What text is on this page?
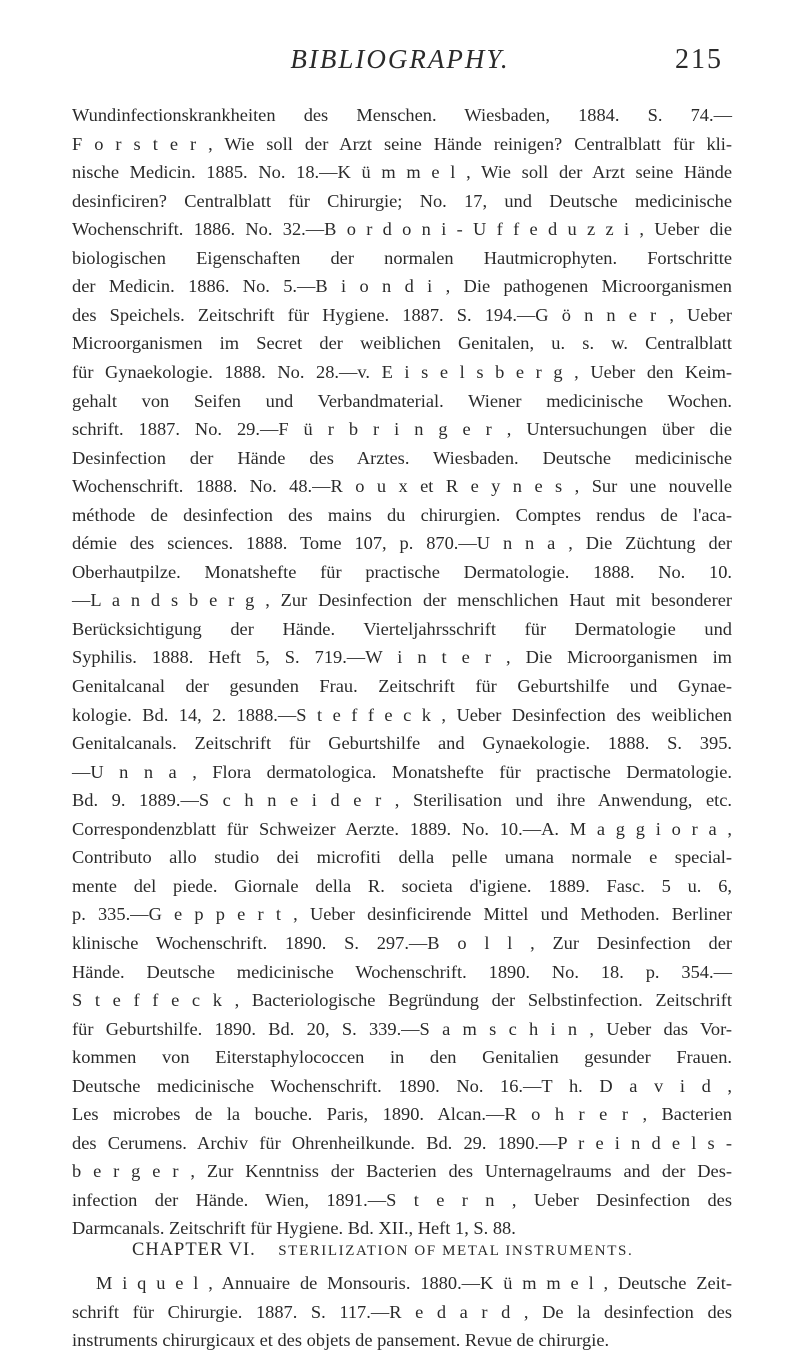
BIBLIOGRAPHY.	215
Wundinfectionskrankheiten des Menschen. Wiesbaden, 1884. S. 74.—
F o r s t e r , Wie soll der Arzt seine Hände reinigen? Centralblatt für kli-
nische Medicin. 1885. No. 18.—K ü m m e l , Wie soll der Arzt seine Hände
desinficiren? Centralblatt für Chirurgie; No. 17, und Deutsche medicinische
Wochenschrift. 1886. No. 32.—B o r d o n i - U f f e d u z z i , Ueber die
biologischen Eigenschaften der normalen Hautmicrophyten. Fortschritte
der Medicin. 1886. No. 5.—B i o n d i , Die pathogenen Microorganismen
des Speichels. Zeitschrift für Hygiene. 1887. S. 194.—G ö n n e r , Ueber
Microorganismen im Secret der weiblichen Genitalen, u. s. w. Centralblatt
für Gynaekologie. 1888. No. 28.—v. E i s e l s b e r g , Ueber den Keim-
gehalt von Seifen und Verbandmaterial. Wiener medicinische Wochen.
schrift. 1887. No. 29.—F ü r b r i n g e r , Untersuchungen über die
Desinfection der Hände des Arztes. Wiesbaden. Deutsche medicinische
Wochenschrift. 1888. No. 48.—R o u x et R e y n e s , Sur une nouvelle
méthode de desinfection des mains du chirurgien. Comptes rendus de l'aca-
démie des sciences. 1888. Tome 107, p. 870.—U n n a , Die Züchtung der
Oberhautpilze. Monatshefte für practische Dermatologie. 1888. No. 10.
—L a n d s b e r g , Zur Desinfection der menschlichen Haut mit besonderer
Berücksichtigung der Hände. Vierteljahrsschrift für Dermatologie und
Syphilis. 1888. Heft 5, S. 719.—W i n t e r , Die Microorganismen im
Genitalcanal der gesunden Frau. Zeitschrift für Geburtshilfe und Gynae-
kologie. Bd. 14, 2. 1888.—S t e f f e c k , Ueber Desinfection des weiblichen
Genitalcanals. Zeitschrift für Geburtshilfe and Gynaekologie. 1888. S. 395.
—U n n a , Flora dermatologica. Monatshefte für practische Dermatologie.
Bd. 9. 1889.—S c h n e i d e r , Sterilisation und ihre Anwendung, etc.
Correspondenzblatt für Schweizer Aerzte. 1889. No. 10.—A. M a g g i o r a ,
Contributo allo studio dei microfiti della pelle umana normale e special-
mente del piede. Giornale della R. societa d'igiene. 1889. Fasc. 5 u. 6,
p. 335.—G e p p e r t , Ueber desinficirende Mittel und Methoden. Berliner
klinische Wochenschrift. 1890. S. 297.—B o l l , Zur Desinfection der
Hände. Deutsche medicinische Wochenschrift. 1890. No. 18. p. 354.—
S t e f f e c k , Bacteriologische Begründung der Selbstinfection. Zeitschrift
für Geburtshilfe. 1890. Bd. 20, S. 339.—S a m s c h i n , Ueber das Vor-
kommen von Eiterstaphylococcen in den Genitalien gesunder Frauen.
Deutsche medicinische Wochenschrift. 1890. No. 16.—T h. D a v i d ,
Les microbes de la bouche. Paris, 1890. Alcan.—R o h r e r , Bacterien
des Cerumens. Archiv für Ohrenheilkunde. Bd. 29. 1890.—P r e i n d e l s -
b e r g e r , Zur Kenntniss der Bacterien des Unternagelraums and der Des-
infection der Hände. Wien, 1891.—S t e r n , Ueber Desinfection des
Darmcanals. Zeitschrift für Hygiene. Bd. XII., Heft 1, S. 88.
CHAPTER VI. STERILIZATION OF METAL INSTRUMENTS.
M i q u e l , Annuaire de Monsouris. 1880.—K ü m m e l , Deutsche Zeit-
schrift für Chirurgie. 1887. S. 117.—R e d a r d , De la desinfection des
instruments chirurgicaux et des objets de pansement. Revue de chirurgie.
